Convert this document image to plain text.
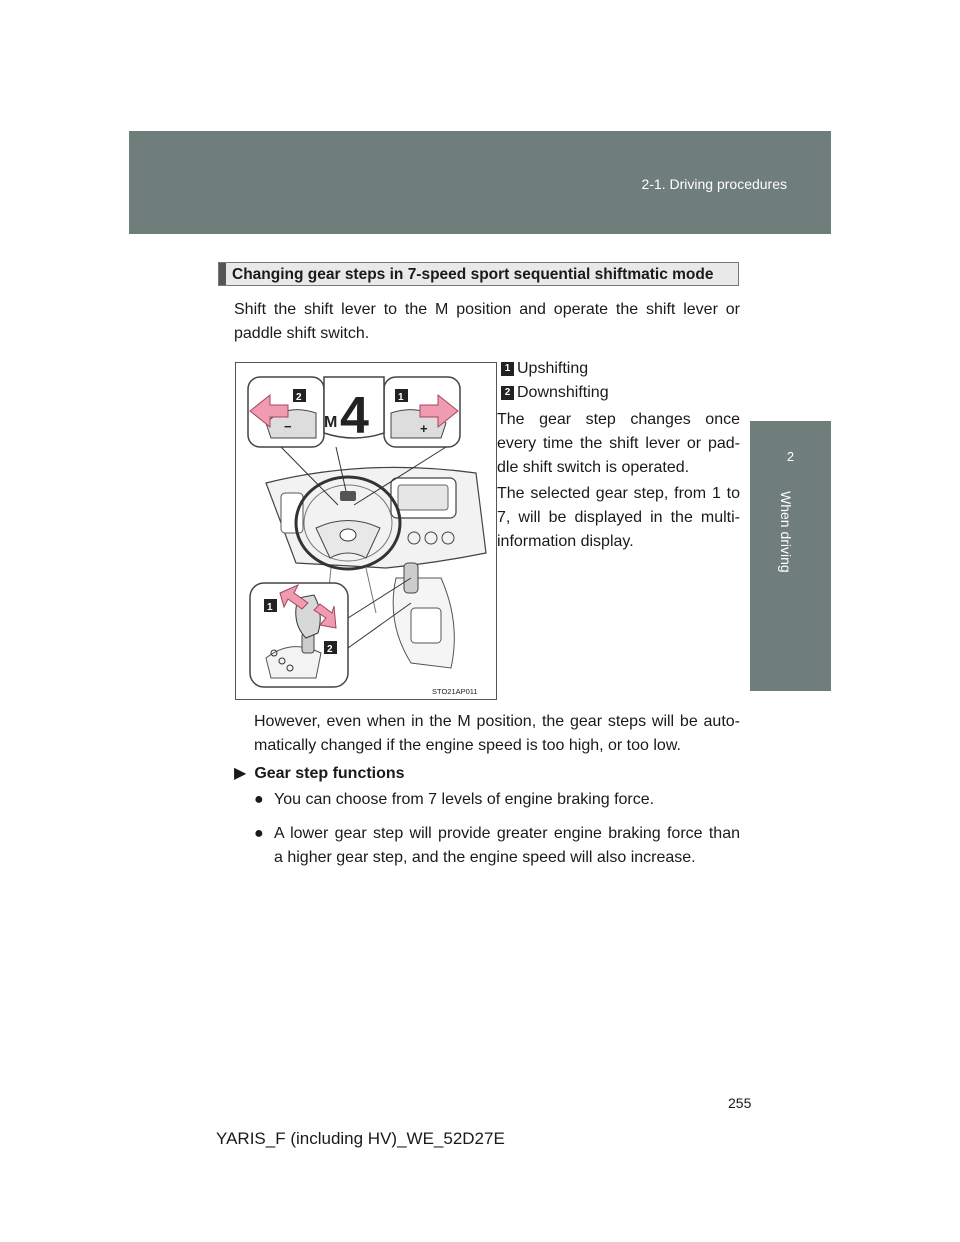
2-1. Driving procedures
2
When driving
Changing gear steps in 7-speed sport sequential shiftmatic mode
Shift the shift lever to the M position and operate the shift lever or
paddle shift switch.
−	+
M 4
2	1
1
2
STO21AP011
1 Upshifting
2 Downshifting
The gear step changes once
every time the shift lever or pad-
dle shift switch is operated.
The selected gear step, from 1 to
7, will be displayed in the multi-
information display.
However, even when in the M position, the gear steps will be auto-
matically changed if the engine speed is too high, or too low.
▶ Gear step functions
● You can choose from 7 levels of engine braking force.
● A lower gear step will provide greater engine braking force than
a higher gear step, and the engine speed will also increase.
255
YARIS_F (including HV)_WE_52D27E
